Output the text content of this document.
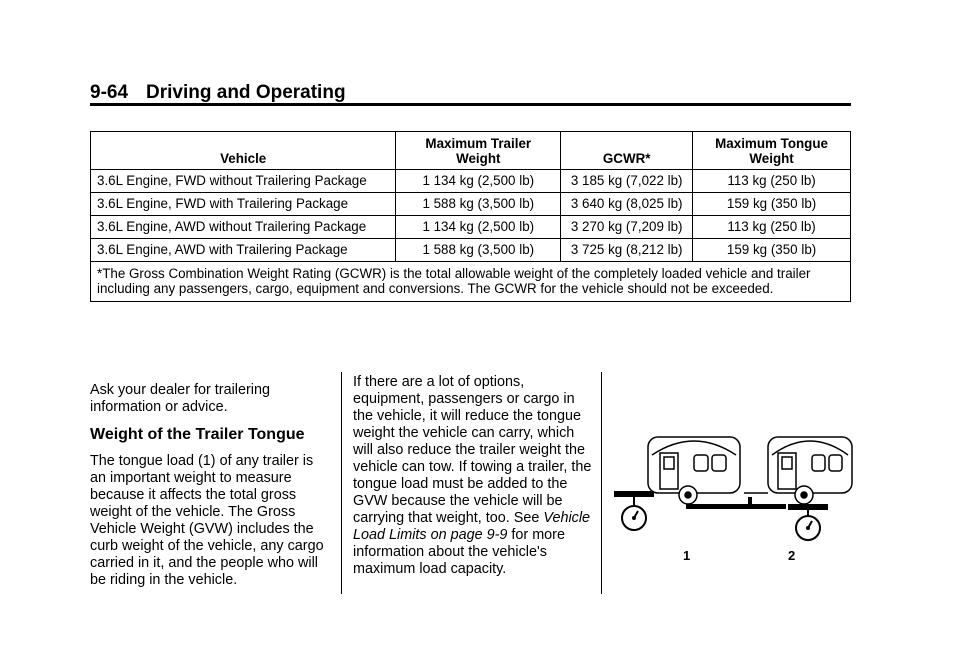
9-64 Driving and Operating
Vehicle	Maximum Trailer Weight	GCWR*	Maximum Tongue Weight
3.6L Engine, FWD without Trailering Package	1 134 kg (2,500 lb)	3 185 kg (7,022 lb)	113 kg (250 lb)
3.6L Engine, FWD with Trailering Package	1 588 kg (3,500 lb)	3 640 kg (8,025 lb)	159 kg (350 lb)
3.6L Engine, AWD without Trailering Package	1 134 kg (2,500 lb)	3 270 kg (7,209 lb)	113 kg (250 lb)
3.6L Engine, AWD with Trailering Package	1 588 kg (3,500 lb)	3 725 kg (8,212 lb)	159 kg (350 lb)
*The Gross Combination Weight Rating (GCWR) is the total allowable weight of the completely loaded vehicle and trailer including any passengers, cargo, equipment and conversions. The GCWR for the vehicle should not be exceeded.			

Ask your dealer for trailering information or advice.

Weight of the Trailer Tongue

The tongue load (1) of any trailer is an important weight to measure because it affects the total gross weight of the vehicle. The Gross Vehicle Weight (GVW) includes the curb weight of the vehicle, any cargo carried in it, and the people who will be riding in the vehicle.

If there are a lot of options, equipment, passengers or cargo in the vehicle, it will reduce the tongue weight the vehicle can carry, which will also reduce the trailer weight the vehicle can tow. If towing a trailer, the tongue load must be added to the GVW because the vehicle will be carrying that weight, too. See Vehicle Load Limits on page 9-9 for more information about the vehicle's maximum load capacity.

1	2
